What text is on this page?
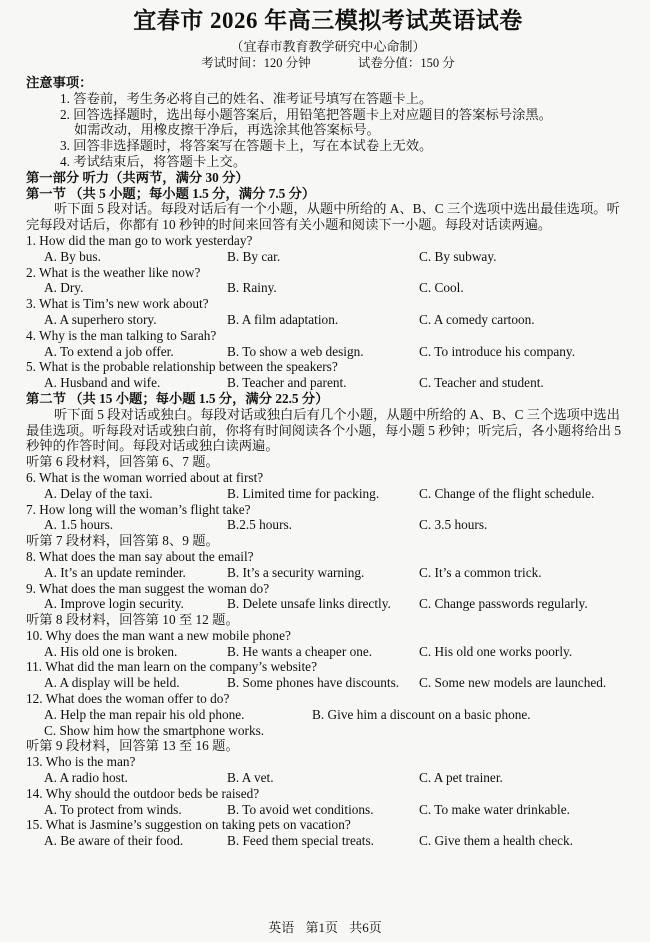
宜春市 2026 年高三模拟考试英语试卷
（宜春市教育教学研究中心命制）
考试时间：120 分钟	试卷分值：150 分
注意事项：
1. 答卷前，考生务必将自己的姓名、准考证号填写在答题卡上。
2. 回答选择题时，选出每小题答案后，用铅笔把答题卡上对应题目的答案标号涂黑。
如需改动，用橡皮擦干净后，再选涂其他答案标号。
3. 回答非选择题时，将答案写在答题卡上，写在本试卷上无效。
4. 考试结束后，将答题卡上交。
第一部分 听力（共两节，满分 30 分）
第一节 （共 5 小题；每小题 1.5 分，满分 7.5 分）
听下面 5 段对话。每段对话后有一个小题，从题中所给的 A、B、C 三个选项中选出最佳选项。听完每段对话后，你都有 10 秒钟的时间来回答有关小题和阅读下一小题。每段对话读两遍。
1. How did the man go to work yesterday?
A. By bus.	B. By car.	C. By subway.
2. What is the weather like now?
A. Dry.	B. Rainy.	C. Cool.
3. What is Tim’s new work about?
A. A superhero story.	B. A film adaptation.	C. A comedy cartoon.
4. Why is the man talking to Sarah?
A. To extend a job offer.	B. To show a web design.	C. To introduce his company.
5. What is the probable relationship between the speakers?
A. Husband and wife.	B. Teacher and parent.	C. Teacher and student.
第二节 （共 15 小题；每小题 1.5 分，满分 22.5 分）
听下面 5 段对话或独白。每段对话或独白后有几个小题，从题中所给的 A、B、C 三个选项中选出最佳选项。听每段对话或独白前，你将有时间阅读各个小题，每小题 5 秒钟；听完后，各小题将给出 5 秒钟的作答时间。每段对话或独白读两遍。
听第 6 段材料，回答第 6、7 题。
6. What is the woman worried about at first?
A. Delay of the taxi.	B. Limited time for packing.	C. Change of the flight schedule.
7. How long will the woman’s flight take?
A. 1.5 hours.	B.2.5 hours.	C. 3.5 hours.
听第 7 段材料，回答第 8、9 题。
8. What does the man say about the email?
A. It’s an update reminder.	B. It’s a security warning.	C. It’s a common trick.
9. What does the man suggest the woman do?
A. Improve login security.	B. Delete unsafe links directly.	C. Change passwords regularly.
听第 8 段材料，回答第 10 至 12 题。
10. Why does the man want a new mobile phone?
A. His old one is broken.	B. He wants a cheaper one.	C. His old one works poorly.
11. What did the man learn on the company’s website?
A. A display will be held.	B. Some phones have discounts.	C. Some new models are launched.
12. What does the woman offer to do?
A. Help the man repair his old phone.	B. Give him a discount on a basic phone.
C. Show him how the smartphone works.
听第 9 段材料，回答第 13 至 16 题。
13. Who is the man?
A. A radio host.	B. A vet.	C. A pet trainer.
14. Why should the outdoor beds be raised?
A. To protect from winds.	B. To avoid wet conditions.	C. To make water drinkable.
15. What is Jasmine’s suggestion on taking pets on vacation?
A. Be aware of their food.	B. Feed them special treats.	C. Give them a health check.
英语 第1页 共6页
